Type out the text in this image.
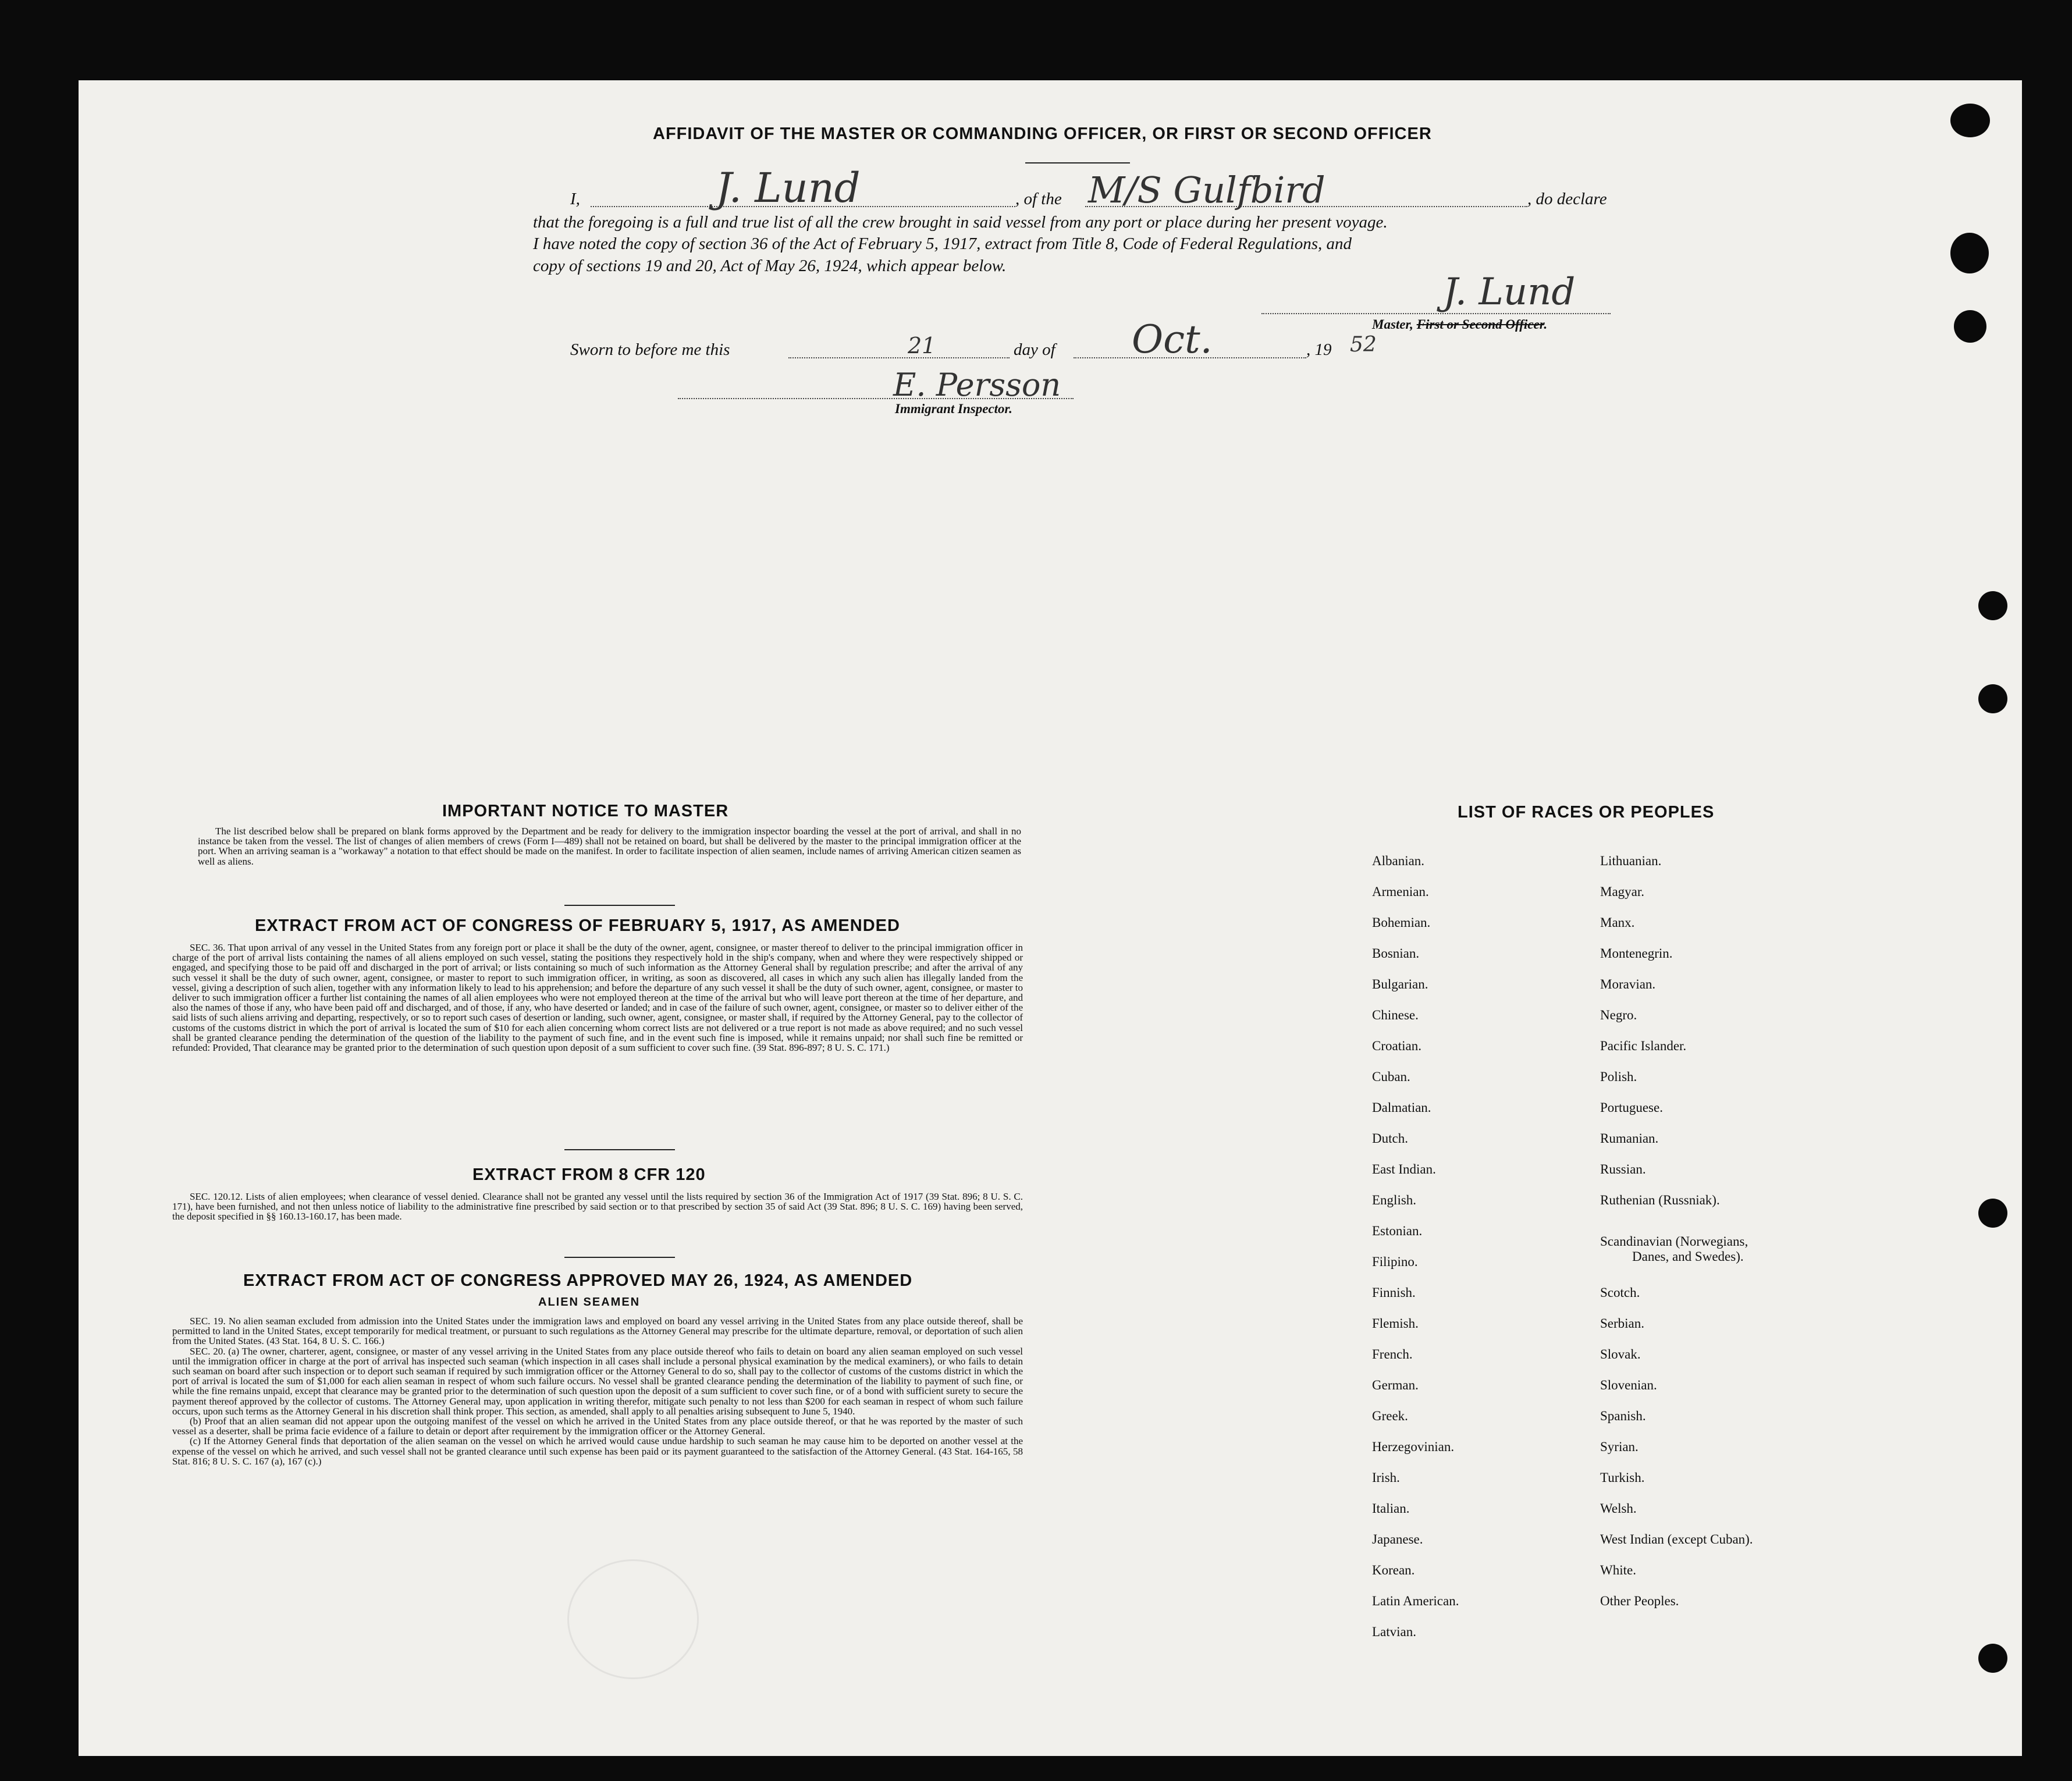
AFFIDAVIT OF THE MASTER OR COMMANDING OFFICER, OR FIRST OR SECOND OFFICER
I,	J. Lund	, of the M/S Gulfbird	, do declare
that the foregoing is a full and true list of all the crew brought in said vessel from any port or place during her present voyage.
I have noted the copy of section 36 of the Act of February 5, 1917, extract from Title 8, Code of Federal Regulations, and
copy of sections 19 and 20, Act of May 26, 1924, which appear below.
J. Lund
Master, First or Second Officer.
Sworn to before me this	21	day of Oct.	, 19 52
E. Persson
Immigrant Inspector.
IMPORTANT NOTICE TO MASTER
The list described below shall be prepared on blank forms approved by the Department and be ready for delivery to the immigration inspector boarding the vessel at the port of arrival, and shall in no instance be taken from the vessel. The list of changes of alien members of crews (Form I—489) shall not be retained on board, but shall be delivered by the master to the principal immigration officer at the port. When an arriving seaman is a "workaway" a notation to that effect should be made on the manifest. In order to facilitate inspection of alien seamen, include names of arriving American citizen seamen as well as aliens.
EXTRACT FROM ACT OF CONGRESS OF FEBRUARY 5, 1917, AS AMENDED
SEC. 36. That upon arrival of any vessel in the United States from any foreign port or place it shall be the duty of the owner, agent, consignee, or master thereof to deliver to the principal immigration officer in charge of the port of arrival lists containing the names of all aliens employed on such vessel, stating the positions they respectively hold in the ship's company, when and where they were respectively shipped or engaged, and specifying those to be paid off and discharged in the port of arrival; or lists containing so much of such information as the Attorney General shall by regulation prescribe; and after the arrival of any such vessel it shall be the duty of such owner, agent, consignee, or master to report to such immigration officer, in writing, as soon as discovered, all cases in which any such alien has illegally landed from the vessel, giving a description of such alien, together with any information likely to lead to his apprehension; and before the departure of any such vessel it shall be the duty of such owner, agent, consignee, or master to deliver to such immigration officer a further list containing the names of all alien employees who were not employed thereon at the time of the arrival but who will leave port thereon at the time of her departure, and also the names of those if any, who have been paid off and discharged, and of those, if any, who have deserted or landed; and in case of the failure of such owner, agent, consignee, or master so to deliver either of the said lists of such aliens arriving and departing, respectively, or so to report such cases of desertion or landing, such owner, agent, consignee, or master shall, if required by the Attorney General, pay to the collector of customs of the customs district in which the port of arrival is located the sum of $10 for each alien concerning whom correct lists are not delivered or a true report is not made as above required; and no such vessel shall be granted clearance pending the determination of the question of the liability to the payment of such fine, and in the event such fine is imposed, while it remains unpaid; nor shall such fine be remitted or refunded: Provided, That clearance may be granted prior to the determination of such question upon deposit of a sum sufficient to cover such fine. (39 Stat. 896-897; 8 U. S. C. 171.)
EXTRACT FROM 8 CFR 120
SEC. 120.12. Lists of alien employees; when clearance of vessel denied. Clearance shall not be granted any vessel until the lists required by section 36 of the Immigration Act of 1917 (39 Stat. 896; 8 U. S. C. 171), have been furnished, and not then unless notice of liability to the administrative fine prescribed by said section or to that prescribed by section 35 of said Act (39 Stat. 896; 8 U. S. C. 169) having been served, the deposit specified in §§ 160.13-160.17, has been made.
EXTRACT FROM ACT OF CONGRESS APPROVED MAY 26, 1924, AS AMENDED
ALIEN SEAMEN
SEC. 19. No alien seaman excluded from admission into the United States under the immigration laws and employed on board any vessel arriving in the United States from any place outside thereof, shall be permitted to land in the United States, except temporarily for medical treatment, or pursuant to such regulations as the Attorney General may prescribe for the ultimate departure, removal, or deportation of such alien from the United States. (43 Stat. 164, 8 U. S. C. 166.)
SEC. 20. (a) The owner, charterer, agent, consignee, or master of any vessel arriving in the United States from any place outside thereof who fails to detain on board any alien seaman employed on such vessel until the immigration officer in charge at the port of arrival has inspected such seaman (which inspection in all cases shall include a personal physical examination by the medical examiners), or who fails to detain such seaman on board after such inspection or to deport such seaman if required by such immigration officer or the Attorney General to do so, shall pay to the collector of customs of the customs district in which the port of arrival is located the sum of $1,000 for each alien seaman in respect of whom such failure occurs. No vessel shall be granted clearance pending the determination of the liability to payment of such fine, or while the fine remains unpaid, except that clearance may be granted prior to the determination of such question upon the deposit of a sum sufficient to cover such fine, or of a bond with sufficient surety to secure the payment thereof approved by the collector of customs. The Attorney General may, upon application in writing therefor, mitigate such penalty to not less than $200 for each seaman in respect of whom such failure occurs, upon such terms as the Attorney General in his discretion shall think proper. This section, as amended, shall apply to all penalties arising subsequent to June 5, 1940.
(b) Proof that an alien seaman did not appear upon the outgoing manifest of the vessel on which he arrived in the United States from any place outside thereof, or that he was reported by the master of such vessel as a deserter, shall be prima facie evidence of a failure to detain or deport after requirement by the immigration officer or the Attorney General.
(c) If the Attorney General finds that deportation of the alien seaman on the vessel on which he arrived would cause undue hardship to such seaman he may cause him to be deported on another vessel at the expense of the vessel on which he arrived, and such vessel shall not be granted clearance until such expense has been paid or its payment guaranteed to the satisfaction of the Attorney General. (43 Stat. 164-165, 58 Stat. 816; 8 U. S. C. 167 (a), 167 (c).)
LIST OF RACES OR PEOPLES
Albanian.
Armenian.
Bohemian.
Bosnian.
Bulgarian.
Chinese.
Croatian.
Cuban.
Dalmatian.
Dutch.
East Indian.
English.
Estonian.
Filipino.
Finnish.
Flemish.
French.
German.
Greek.
Herzegovinian.
Irish.
Italian.
Japanese.
Korean.
Latin American.
Latvian.
Lithuanian.
Magyar.
Manx.
Montenegrin.
Moravian.
Negro.
Pacific Islander.
Polish.
Portuguese.
Rumanian.
Russian.
Ruthenian (Russniak).
Scandinavian (Norwegians,
Danes, and Swedes).
Scotch.
Serbian.
Slovak.
Slovenian.
Spanish.
Syrian.
Turkish.
Welsh.
West Indian (except Cuban).
White.
Other Peoples.
